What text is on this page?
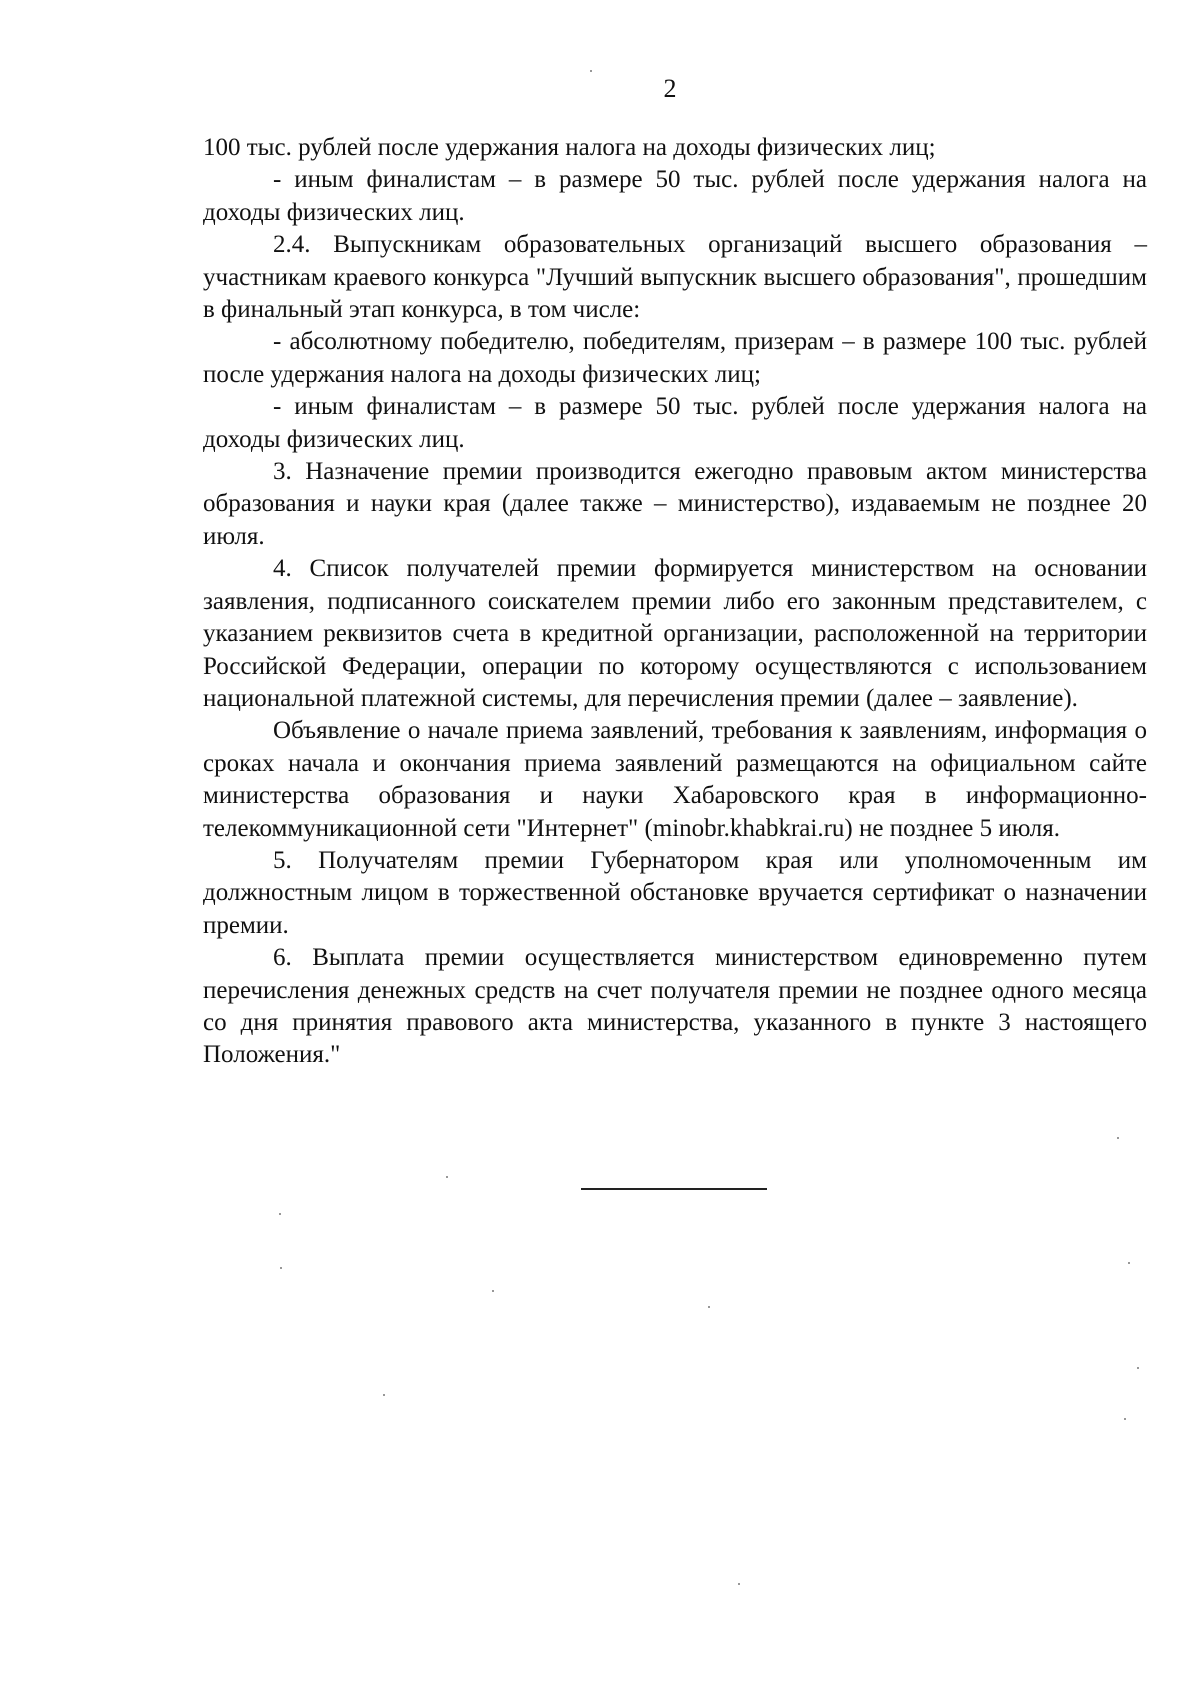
2

100 тыс. рублей после удержания налога на доходы физических лиц;

- иным финалистам – в размере 50 тыс. рублей после удержания налога на доходы физических лиц.

2.4. Выпускникам образовательных организаций высшего образования – участникам краевого конкурса "Лучший выпускник высшего образования", прошедшим в финальный этап конкурса, в том числе:

- абсолютному победителю, победителям, призерам – в размере 100 тыс. рублей после удержания налога на доходы физических лиц;

- иным финалистам – в размере 50 тыс. рублей после удержания налога на доходы физических лиц.

3. Назначение премии производится ежегодно правовым актом министерства образования и науки края (далее также – министерство), издаваемым не позднее 20 июля.

4. Список получателей премии формируется министерством на основании заявления, подписанного соискателем премии либо его законным представителем, с указанием реквизитов счета в кредитной организации, расположенной на территории Российской Федерации, операции по которому осуществляются с использованием национальной платежной системы, для перечисления премии (далее – заявление).

Объявление о начале приема заявлений, требования к заявлениям, информация о сроках начала и окончания приема заявлений размещаются на официальном сайте министерства образования и науки Хабаровского края в информационно-телекоммуникационной сети "Интернет" (minobr.khabkrai.ru) не позднее 5 июля.

5. Получателям премии Губернатором края или уполномоченным им должностным лицом в торжественной обстановке вручается сертификат о назначении премии.

6. Выплата премии осуществляется министерством единовременно путем перечисления денежных средств на счет получателя премии не позднее одного месяца со дня принятия правового акта министерства, указанного в пункте 3 настоящего Положения."
